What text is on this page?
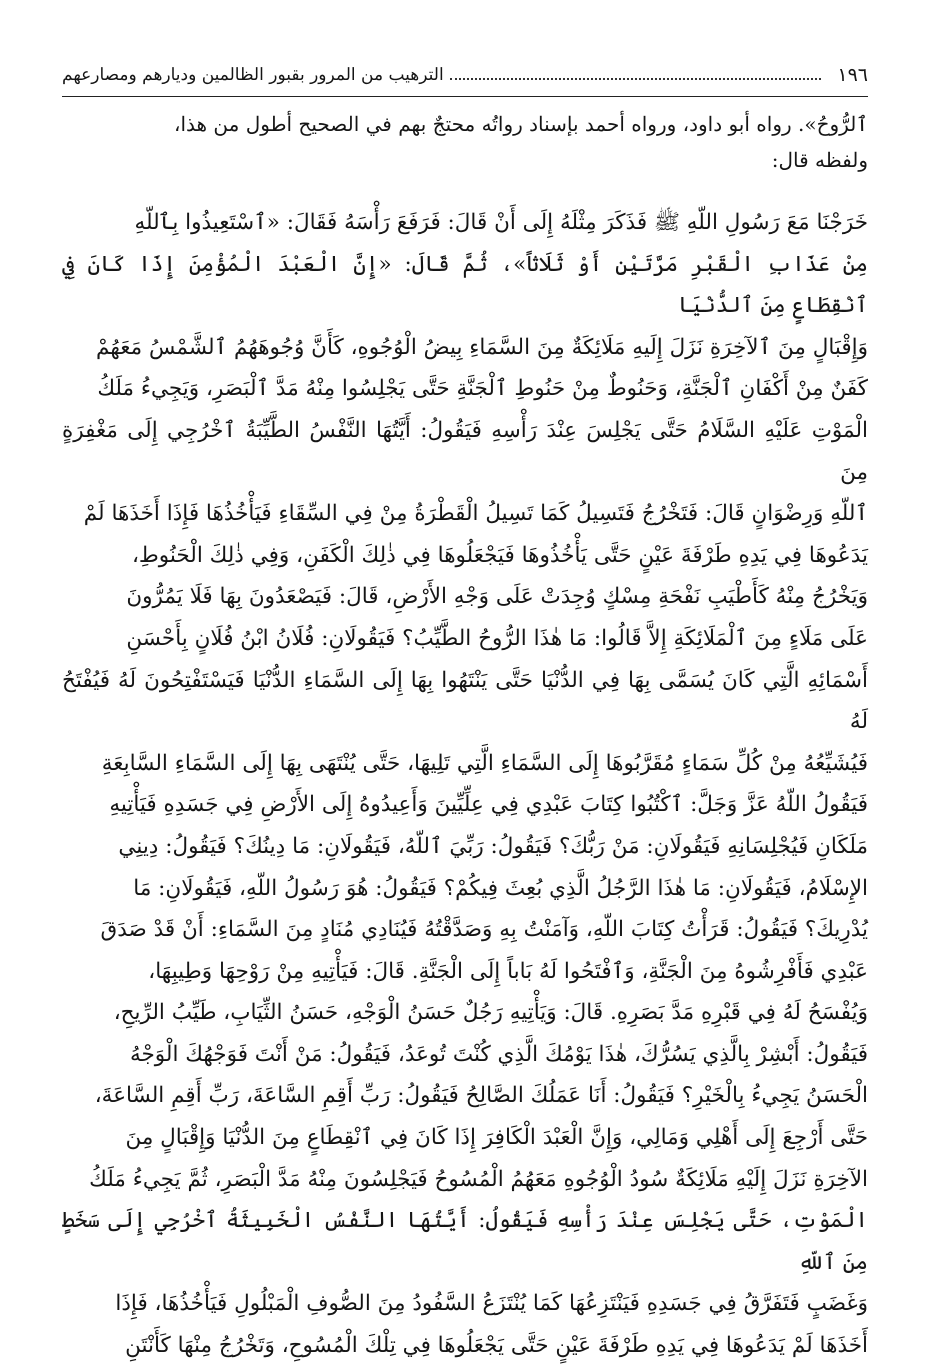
١٩٦
الترهيب من المرور بقبور الظالمين وديارهم ومصارعهم

ٱلرُّوحُ». رواه أبو داود، ورواه أحمد بإسناد رواتُه محتجٌ بهم في الصحيح أطول من هذا،

ولفظه قال:

خَرَجْنَا مَعَ رَسُولِ اللّهِ ﷺ فَذَكَرَ مِثْلَهُ إِلَى أَنْ قَالَ: فَرَفَعَ رَأْسَهُ فَقَالَ: «ٱسْتَعِيذُوا بِٱللّهِ

مِنْ عَذَابِ الْقَبْرِ مَرَّتَيْنِ أَوْ ثَلَاثاً»، ثُمَّ قَالَ: «إِنَّ الْعَبْدَ الْمُؤْمِنَ إِذَا كَانَ فِي ٱنْقِطَاعٍ مِنَ ٱلدُّنْيَا

وَإِقْبَالٍ مِنَ ٱلآخِرَةِ نَزَلَ إِلَيهِ مَلَائِكَةٌ مِنَ السَّمَاءِ بِيضُ الْوُجُوهِ، كَأَنَّ وُجُوهَهُمُ ٱلشَّمْسُ مَعَهُمْ

كَفَنٌ مِنْ أَكْفَانِ ٱلْجَنَّةِ، وَحَنُوطٌ مِنْ حَنُوطِ ٱلْجَنَّةِ حَتَّى يَجْلِسُوا مِنْهُ مَدَّ ٱلْبَصَرِ، وَيَجِيءُ مَلَكُ

الْمَوْتِ عَلَيْهِ السَّلَامُ حَتَّى يَجْلِسَ عِنْدَ رَأْسِهِ فَيَقُولُ: أَيَّتُهَا النَّفْسُ الطَّيِّبَةُ ٱخْرُجِي إِلَى مَغْفِرَةٍ مِنَ

ٱللّهِ وَرِضْوَانٍ قَالَ: فَتَخْرُجُ فَتَسِيلُ كَمَا تَسِيلُ الْقَطْرَةُ مِنْ فِي السِّقَاءِ فَيَأْخُذُهَا فَإِذَا أَخَذَهَا لَمْ

يَدَعُوهَا فِي يَدِهِ طَرْفَةَ عَيْنٍ حَتَّى يَأْخُذُوهَا فَيَجْعَلُوهَا فِي ذٰلِكَ الْكَفَنِ، وَفِي ذٰلِكَ الْحَنُوطِ،

وَيَخْرُجُ مِنْهُ كَأَطْيَبِ نَفْحَةِ مِسْكٍ وُجِدَتْ عَلَى وَجْهِ الأَرْضِ، قَالَ: فَيَصْعَدُونَ بِهَا فَلَا يَمُرُّونَ

عَلَى مَلَاءٍ مِنَ ٱلْمَلَائِكَةِ إِلاَّ قَالُوا: مَا هٰذَا الرُّوحُ الطَّيِّبُ؟ فَيَقُولَانِ: فُلَانُ ابْنُ فُلَانٍ بِأَحْسَنِ

أَسْمَائِهِ الَّتِي كَانَ يُسَمَّى بِهَا فِي الدُّنْيَا حَتَّى يَنْتَهُوا بِهَا إِلَى السَّمَاءِ الدُّنْيَا فَيَسْتَفْتِحُونَ لَهُ فَيُفْتَحُ لَهُ

فَيُشَيِّعُهُ مِنْ كُلِّ سَمَاءٍ مُقَرَّبُوهَا إِلَى السَّمَاءِ الَّتِي تَلِيهَا، حَتَّى يُنْتَهَى بِهَا إِلَى السَّمَاءِ السَّابِعَةِ

فَيَقُولُ اللّهُ عَزَّ وَجَلَّ: ٱكْتُبُوا كِتَابَ عَبْدِي فِي عِلِّيِّينَ وَأَعِيدُوهُ إِلَى الأَرْضِ فِي جَسَدِهِ فَيَأْتِيهِ

مَلَكَانِ فَيُجْلِسَانِهِ فَيَقُولَانِ: مَنْ رَبُّكَ؟ فَيَقُولُ: رَبِّيَ ٱللّهُ، فَيَقُولَانِ: مَا دِينُكَ؟ فَيَقُولُ: دِينِي

الإِسْلَامُ، فَيَقُولَانِ: مَا هٰذَا الرَّجُلُ الَّذِي بُعِثَ فِيكُمْ؟ فَيَقُولُ: هُوَ رَسُولُ اللّهِ، فَيَقُولَانِ: مَا

يُدْرِيكَ؟ فَيَقُولُ: قَرَأْتُ كِتَابَ اللّهِ، وَآمَنْتُ بِهِ وَصَدَّقْتُهُ فَيُنَادِي مُنَادٍ مِنَ السَّمَاءِ: أَنْ قَدْ صَدَقَ

عَبْدِي فَأَفْرِشُوهُ مِنَ الْجَنَّةِ، وَٱفْتَحُوا لَهُ بَاباً إِلَى الْجَنَّةِ. قَالَ: فَيَأْتِيهِ مِنْ رَوْحِهَا وَطِيبِهَا،

وَيُفْسَحُ لَهُ فِي قَبْرِهِ مَدَّ بَصَرِهِ. قَالَ: وَيَأْتِيهِ رَجُلٌ حَسَنُ الْوَجْهِ، حَسَنُ الثِّيَابِ، طَيِّبُ الرِّيحِ،

فَيَقُولُ: أَبْشِرْ بِالَّذِي يَسُرُّكَ، هٰذَا يَوْمُكَ الَّذِي كُنْتَ تُوعَدُ، فَيَقُولُ: مَنْ أَنْتَ فَوَجْهُكَ الْوَجْهُ

الْحَسَنُ يَجِيءُ بِالْخَيْرِ؟ فَيَقُولُ: أَنَا عَمَلُكَ الصَّالِحُ فَيَقُولُ: رَبِّ أَقِمِ السَّاعَةَ، رَبِّ أَقِمِ السَّاعَةَ،

حَتَّى أَرْجِعَ إِلَى أَهْلِي وَمَالِي، وَإِنَّ الْعَبْدَ الْكَافِرَ إِذَا كَانَ فِي ٱنْقِطَاعٍ مِنَ الدُّنْيَا وَإِقْبَالٍ مِنَ

الآخِرَةِ نَزَلَ إِلَيْهِ مَلَائِكَةٌ سُودُ الْوُجُوهِ مَعَهُمُ الْمُسُوحُ فَيَجْلِسُونَ مِنْهُ مَدَّ الْبَصَرِ، ثُمَّ يَجِيءُ مَلَكُ

الْمَوْتِ، حَتَّى يَجْلِسَ عِنْدَ رَأْسِهِ فَيَقُولُ: أَيَّتُهَا النَّفْسُ الْخَبِيثَةُ ٱخْرُجِي إِلَى سَخَطٍ مِنَ ٱللّهِ

وَغَضَبٍ فَتَفَرَّقُ فِي جَسَدِهِ فَيَنْتَزِعُهَا كَمَا يُنْتَزَعُ السَّفُودُ مِنَ الصُّوفِ الْمَبْلُولِ فَيَأْخُذُهَا، فَإِذَا

أَخَذَهَا لَمْ يَدَعُوهَا فِي يَدِهِ طَرْفَةَ عَيْنٍ حَتَّى يَجْعَلُوهَا فِي تِلْكَ الْمُسُوحِ، وَتَخْرُجُ مِنْهَا كَأَنْتَنِ
